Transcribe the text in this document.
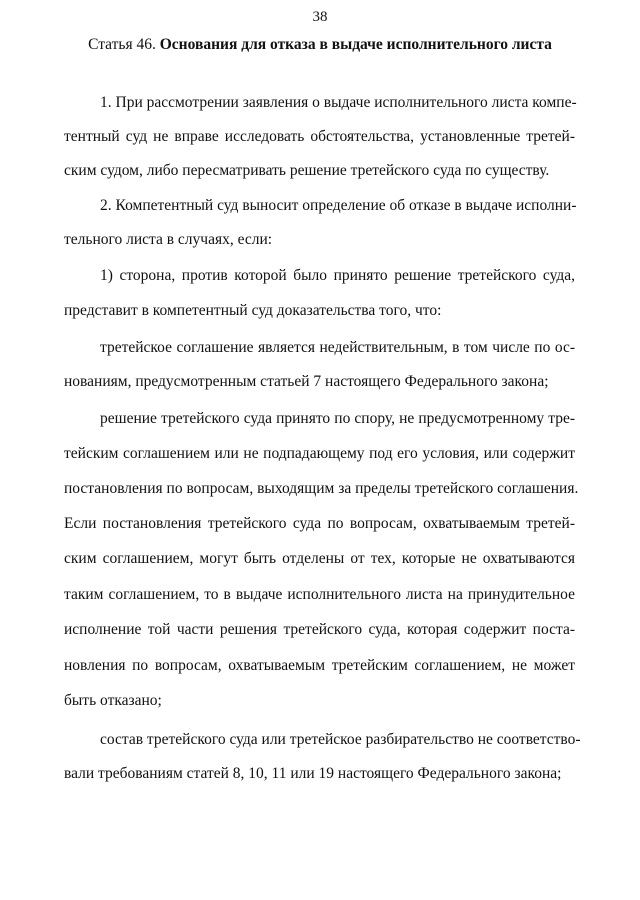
38
Статья 46. Основания для отказа в выдаче исполнительного листа
1. При рассмотрении заявления о выдаче исполнительного листа компе-
тентный суд не вправе исследовать обстоятельства, установленные третей-
ским судом, либо пересматривать решение третейского суда по существу.
2. Компетентный суд выносит определение об отказе в выдаче исполни-
тельного листа в случаях, если:
1) сторона, против которой было принято решение третейского суда,
представит в компетентный суд доказательства того, что:
третейское соглашение является недействительным, в том числе по ос-
нованиям, предусмотренным статьей 7 настоящего Федерального закона;
решение третейского суда принято по спору, не предусмотренному тре-
тейским соглашением или не подпадающему под его условия, или содержит
постановления по вопросам, выходящим за пределы третейского соглашения.
Если постановления третейского суда по вопросам, охватываемым третей-
ским соглашением, могут быть отделены от тех, которые не охватываются
таким соглашением, то в выдаче исполнительного листа на принудительное
исполнение той части решения третейского суда, которая содержит поста-
новления по вопросам, охватываемым третейским соглашением, не может
быть отказано;
состав третейского суда или третейское разбирательство не соответство-
вали требованиям статей 8, 10, 11 или 19 настоящего Федерального закона;
